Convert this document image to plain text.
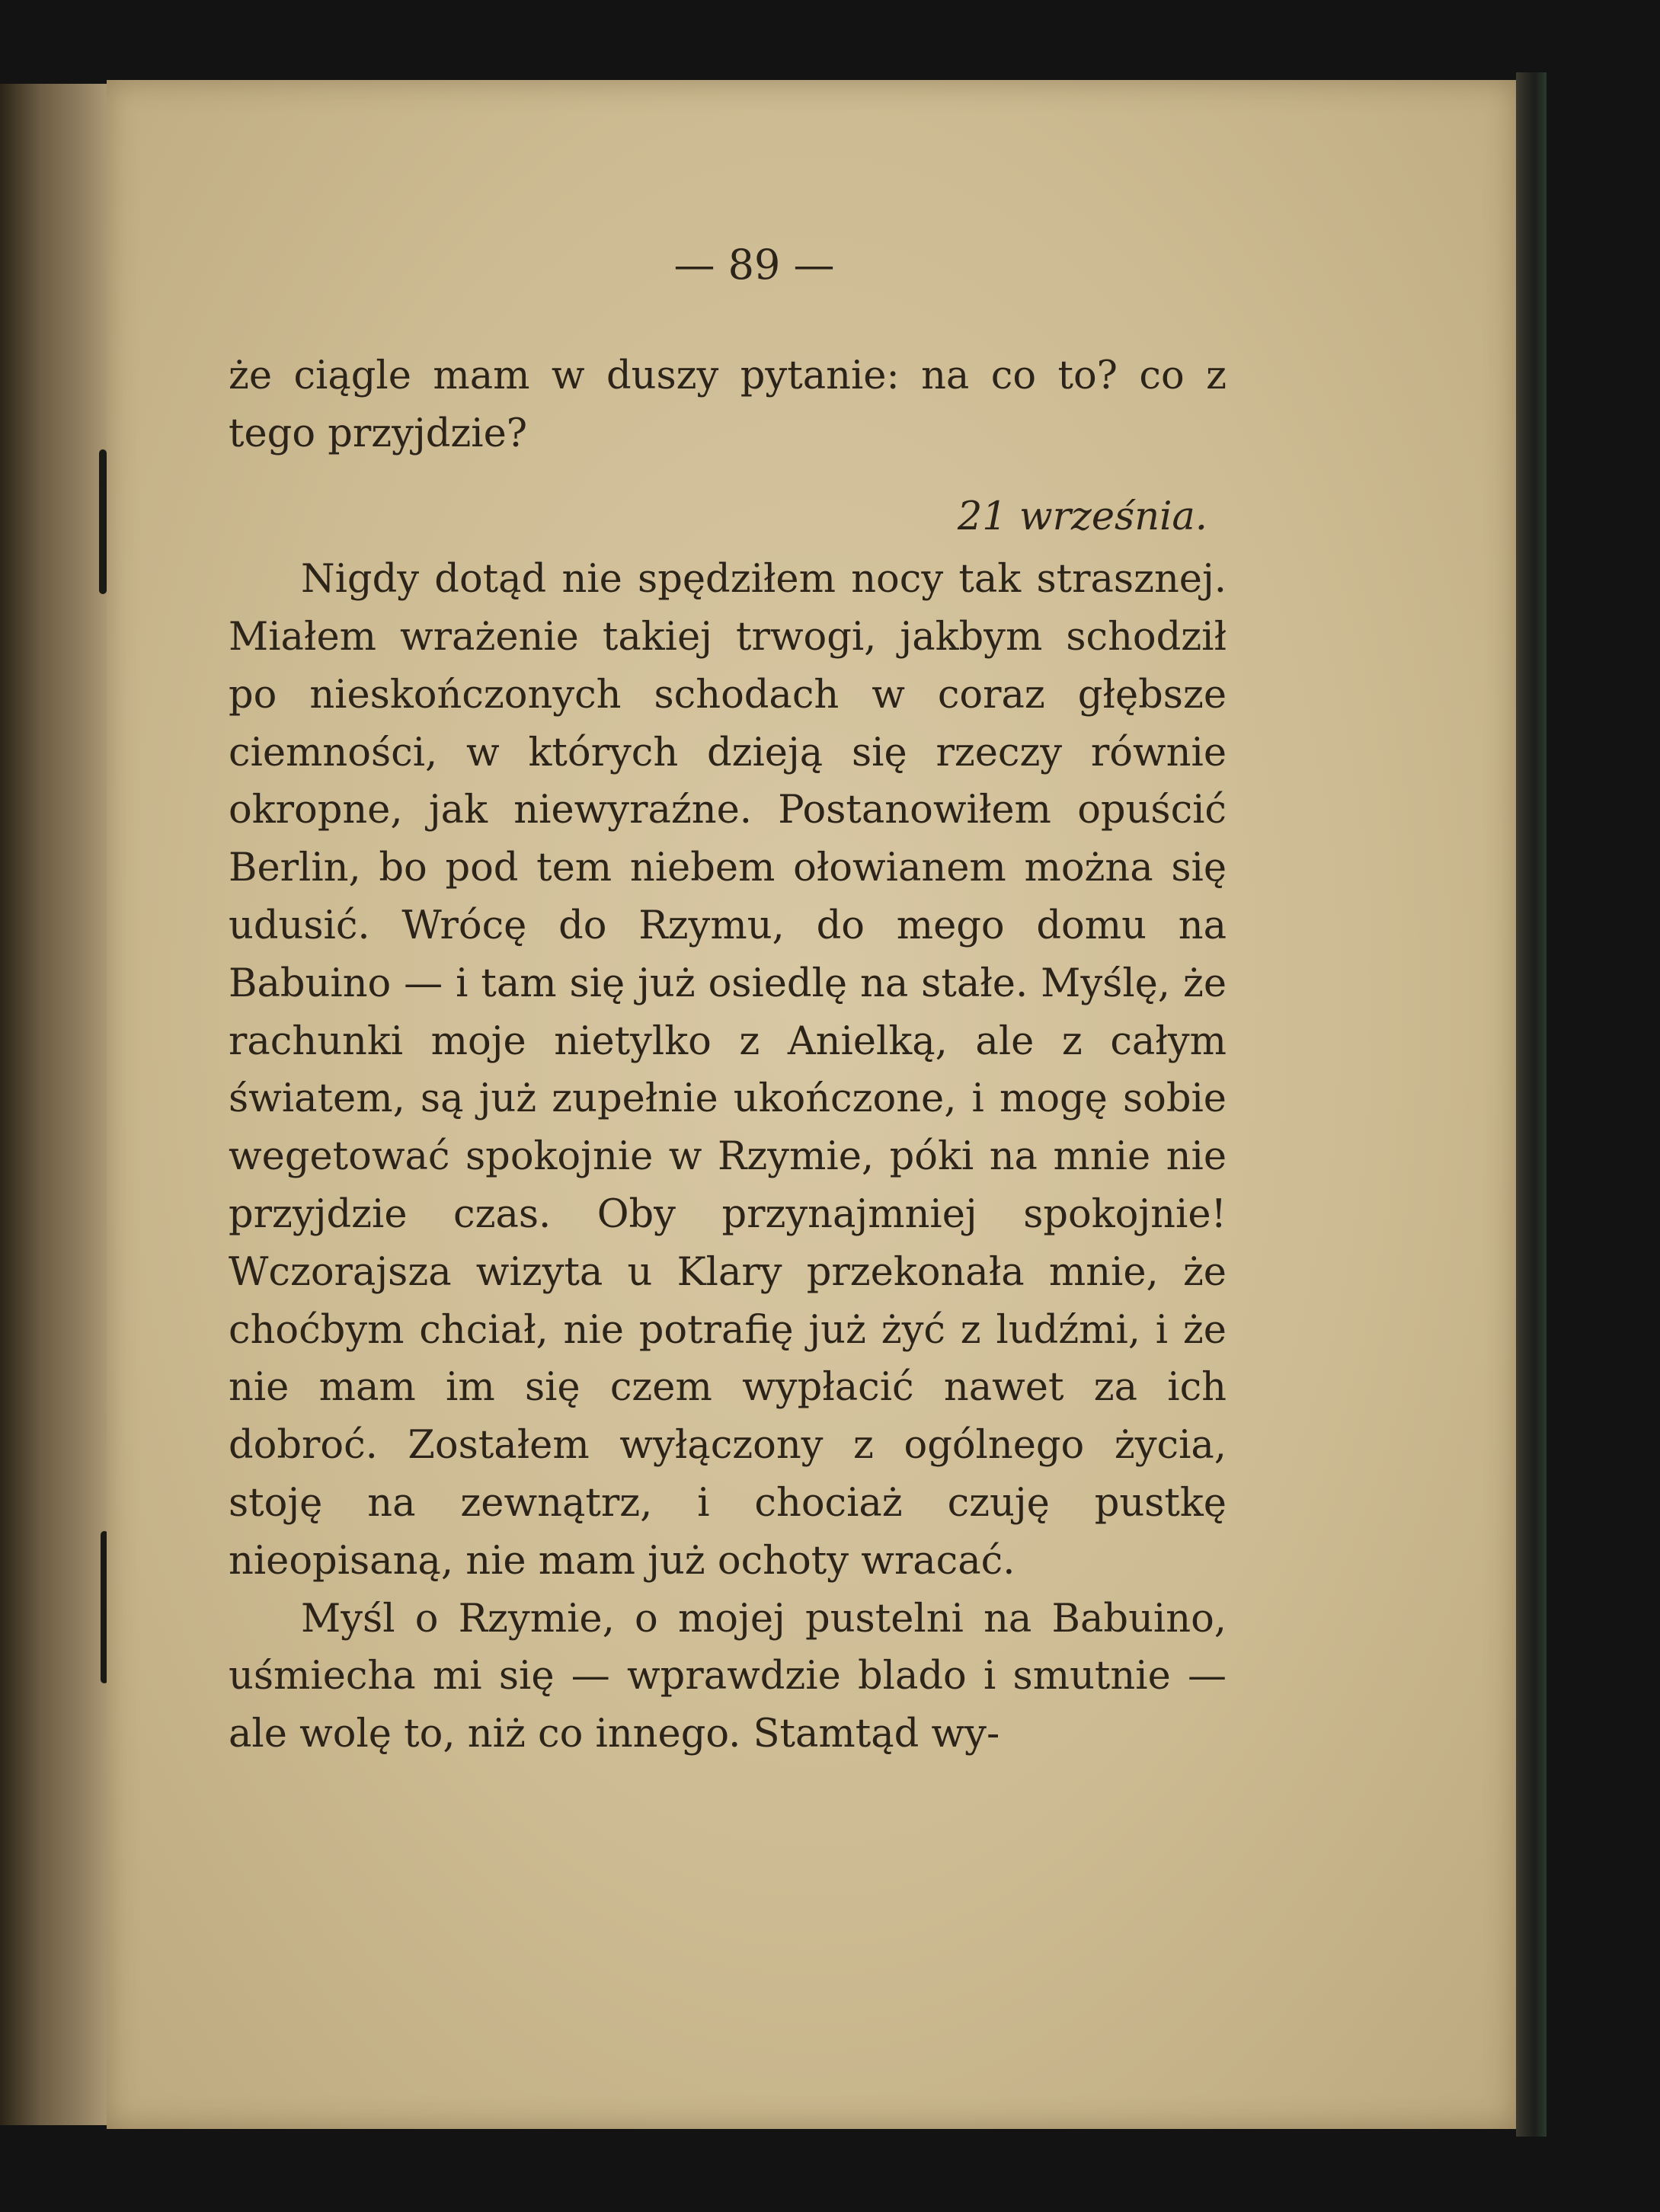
— 89 —

że ciągle mam w duszy pytanie: na co to? co z tego przyjdzie?

21 września.

Nigdy dotąd nie spędziłem nocy tak strasznej. Miałem wrażenie takiej trwogi, jakbym schodził po nieskończonych schodach w coraz głębsze ciemności, w których dzieją się rzeczy równie okropne, jak niewyraźne. Postanowiłem opuścić Berlin, bo pod tem niebem ołowianem można się udusić. Wrócę do Rzymu, do mego domu na Babuino — i tam się już osiedlę na stałe. Myślę, że rachunki moje nietylko z Anielką, ale z całym światem, są już zupełnie ukończone, i mogę sobie wegetować spokojnie w Rzymie, póki na mnie nie przyjdzie czas. Oby przynajmniej spokojnie! Wczorajsza wizyta u Klary przekonała mnie, że choćbym chciał, nie potrafię już żyć z ludźmi, i że nie mam im się czem wypłacić nawet za ich dobroć. Zostałem wyłączony z ogólnego życia, stoję na zewnątrz, i chociaż czuję pustkę nieopisaną, nie mam już ochoty wracać.

Myśl o Rzymie, o mojej pustelni na Babuino, uśmiecha mi się — wprawdzie blado i smutnie — ale wolę to, niż co innego. Stamtąd wy-
